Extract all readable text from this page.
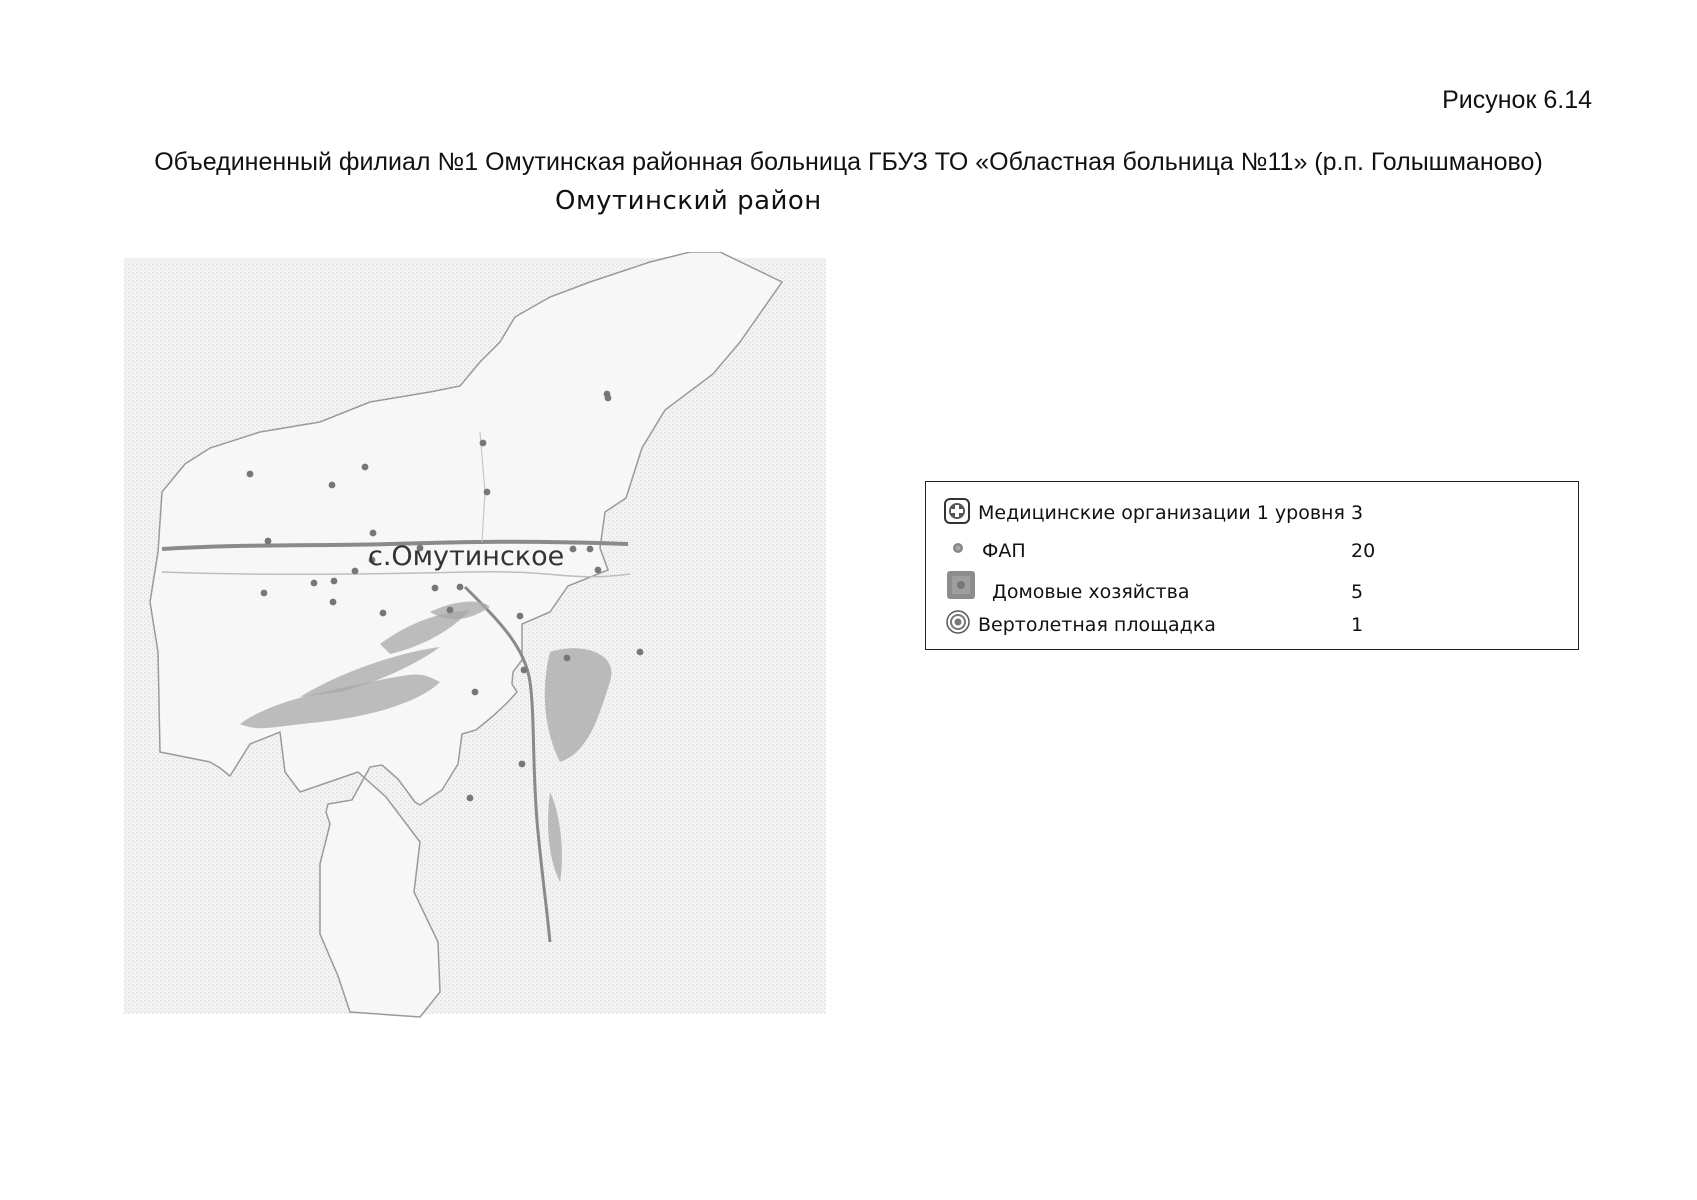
Рисунок 6.14
Объединенный филиал №1 Омутинская районная больница ГБУЗ ТО «Областная больница №11» (р.п. Голышманово)
Омутинский район
с.Омутинское
Медицинские организации 1 уровня 3
ФАП	20
Домовые хозяйства	5
Вертолетная площадка	1
